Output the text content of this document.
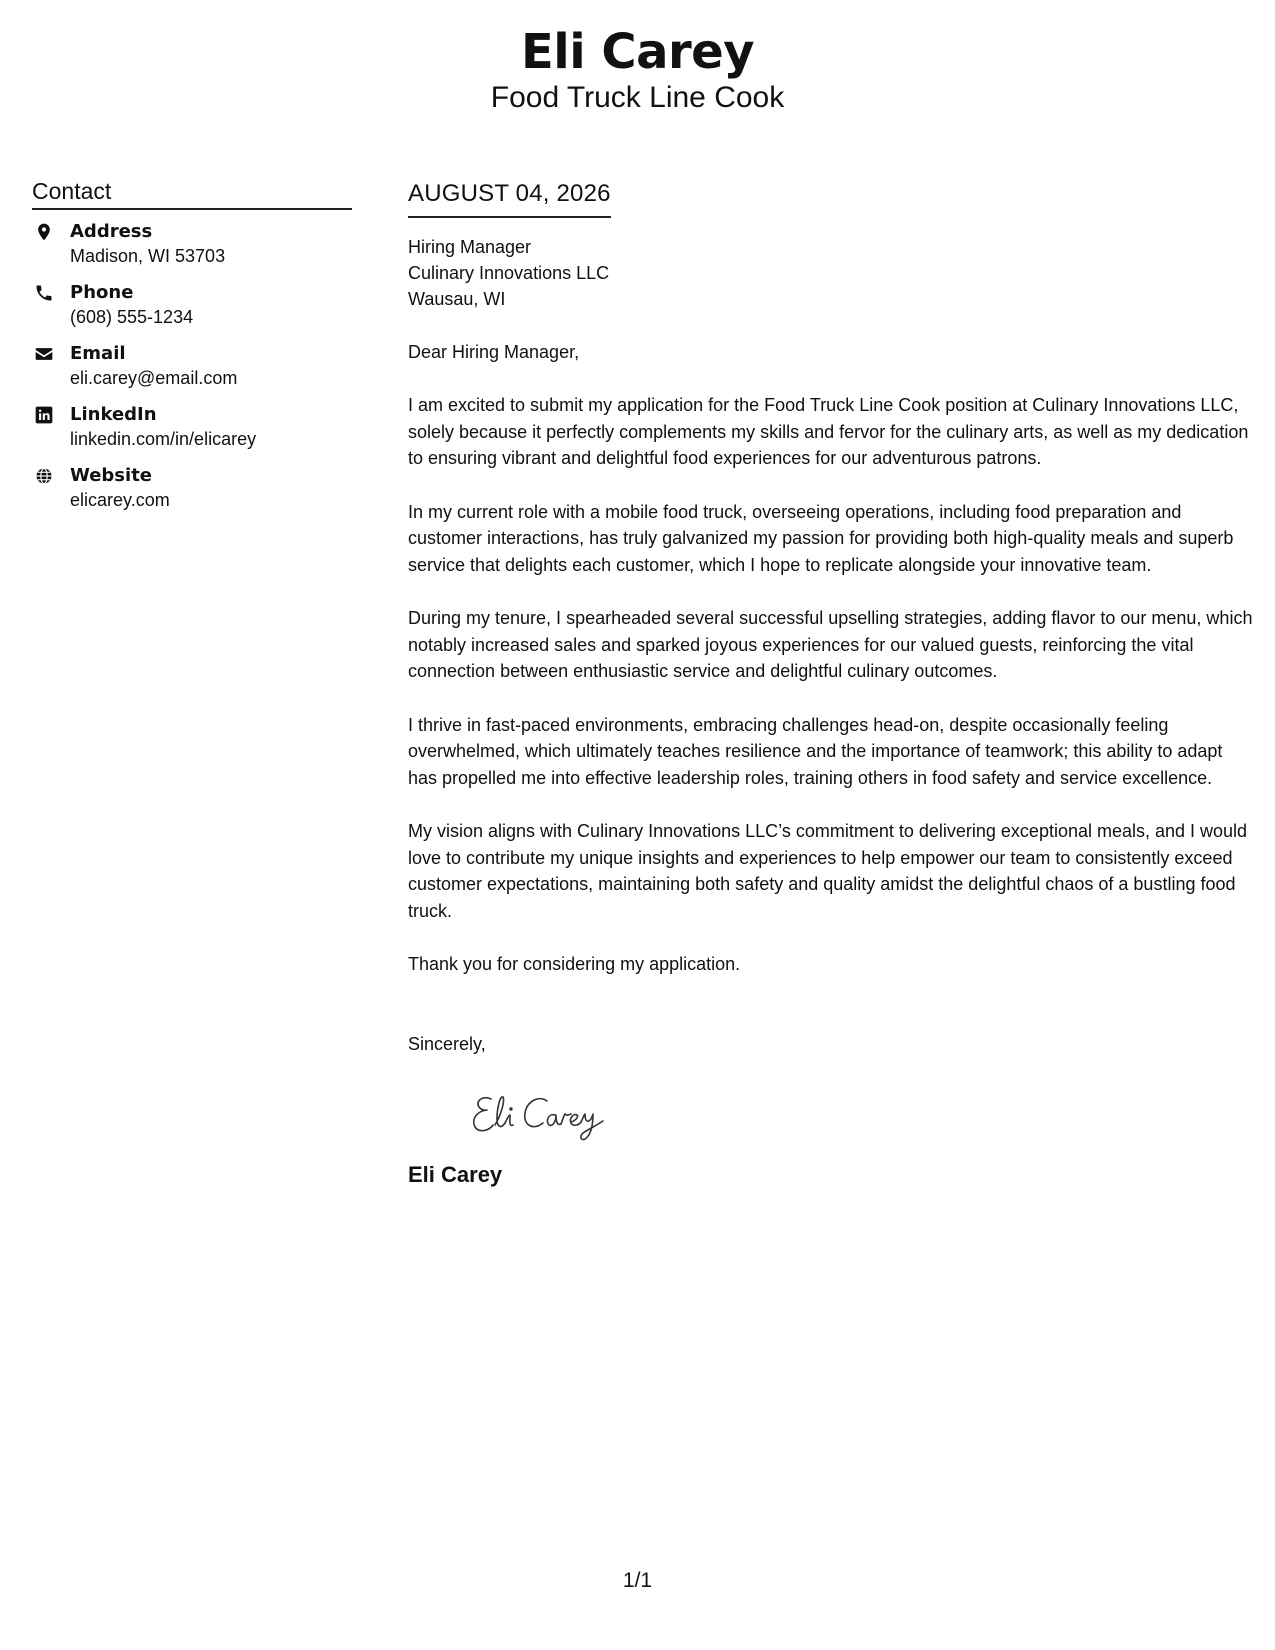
Eli Carey
Food Truck Line Cook
Contact
Address
Madison, WI 53703
Phone
(608) 555-1234
Email
eli.carey@email.com
LinkedIn
linkedin.com/in/elicarey
Website
elicarey.com
AUGUST 04, 2026
Hiring Manager
Culinary Innovations LLC
Wausau, WI
Dear Hiring Manager,
I am excited to submit my application for the Food Truck Line Cook position at Culinary Innovations LLC, solely because it perfectly complements my skills and fervor for the culinary arts, as well as my dedication to ensuring vibrant and delightful food experiences for our adventurous patrons.
In my current role with a mobile food truck, overseeing operations, including food preparation and customer interactions, has truly galvanized my passion for providing both high-quality meals and superb service that delights each customer, which I hope to replicate alongside your innovative team.
During my tenure, I spearheaded several successful upselling strategies, adding flavor to our menu, which notably increased sales and sparked joyous experiences for our valued guests, reinforcing the vital connection between enthusiastic service and delightful culinary outcomes.
I thrive in fast-paced environments, embracing challenges head-on, despite occasionally feeling overwhelmed, which ultimately teaches resilience and the importance of teamwork; this ability to adapt has propelled me into effective leadership roles, training others in food safety and service excellence.
My vision aligns with Culinary Innovations LLC’s commitment to delivering exceptional meals, and I would love to contribute my unique insights and experiences to help empower our team to consistently exceed customer expectations, maintaining both safety and quality amidst the delightful chaos of a bustling food truck.
Thank you for considering my application.
Sincerely,
Eli Carey
1/1
